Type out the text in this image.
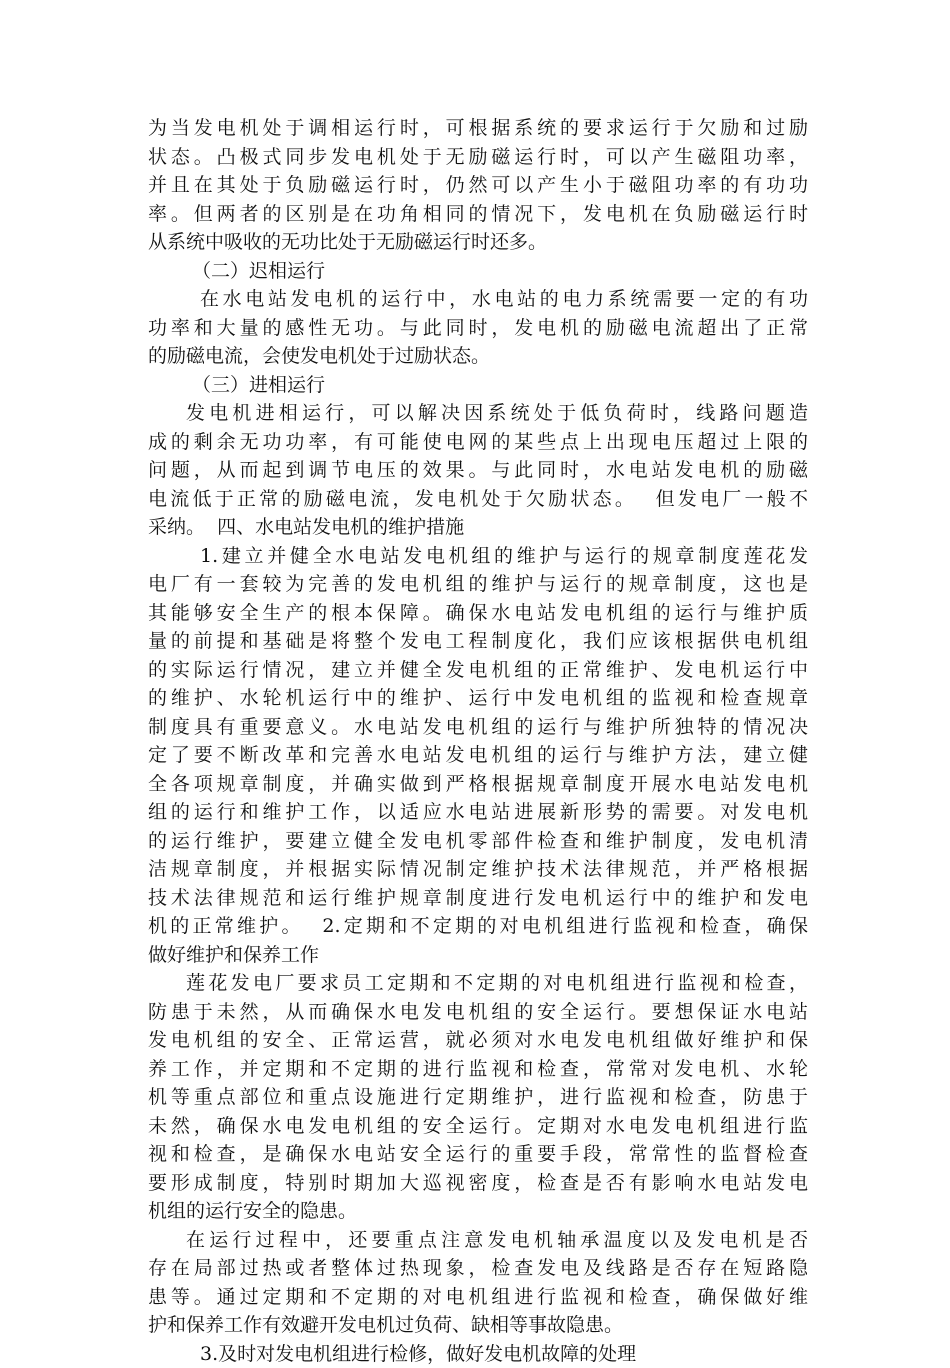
为当发电机处于调相运行时，可根据系统的要求运行于欠励和过励
状态。凸极式同步发电机处于无励磁运行时，可以产生磁阻功率，
并且在其处于负励磁运行时，仍然可以产生小于磁阻功率的有功功
率。但两者的区别是在功角相同的情况下，发电机在负励磁运行时
从系统中吸收的无功比处于无励磁运行时还多。
（二）迟相运行
在水电站发电机的运行中，水电站的电力系统需要一定的有功
功率和大量的感性无功。与此同时，发电机的励磁电流超出了正常
的励磁电流，会使发电机处于过励状态。
（三）进相运行
发电机进相运行，可以解决因系统处于低负荷时，线路问题造
成的剩余无功功率，有可能使电网的某些点上出现电压超过上限的
问题，从而起到调节电压的效果。与此同时，水电站发电机的励磁
电流低于正常的励磁电流，发电机处于欠励状态。  但发电厂一般不
采纳。  四、水电站发电机的维护措施
1.建立并健全水电站发电机组的维护与运行的规章制度莲花发
电厂有一套较为完善的发电机组的维护与运行的规章制度，这也是
其能够安全生产的根本保障。确保水电站发电机组的运行与维护质
量的前提和基础是将整个发电工程制度化，我们应该根据供电机组
的实际运行情况，建立并健全发电机组的正常维护、发电机运行中
的维护、水轮机运行中的维护、运行中发电机组的监视和检查规章
制度具有重要意义。水电站发电机组的运行与维护所独特的情况决
定了要不断改革和完善水电站发电机组的运行与维护方法，建立健
全各项规章制度，并确实做到严格根据规章制度开展水电站发电机
组的运行和维护工作，以适应水电站进展新形势的需要。对发电机
的运行维护，要建立健全发电机零部件检查和维护制度，发电机清
洁规章制度，并根据实际情况制定维护技术法律规范，并严格根据
技术法律规范和运行维护规章制度进行发电机运行中的维护和发电
机的正常维护。  2.定期和不定期的对电机组进行监视和检查，确保
做好维护和保养工作
莲花发电厂要求员工定期和不定期的对电机组进行监视和检查，
防患于未然，从而确保水电发电机组的安全运行。要想保证水电站
发电机组的安全、正常运营，就必须对水电发电机组做好维护和保
养工作，并定期和不定期的进行监视和检查，常常对发电机、水轮
机等重点部位和重点设施进行定期维护，进行监视和检查，防患于
未然，确保水电发电机组的安全运行。定期对水电发电机组进行监
视和检查，是确保水电站安全运行的重要手段，常常性的监督检查
要形成制度，特别时期加大巡视密度，检查是否有影响水电站发电
机组的运行安全的隐患。
在运行过程中，还要重点注意发电机轴承温度以及发电机是否
存在局部过热或者整体过热现象，检查发电及线路是否存在短路隐
患等。通过定期和不定期的对电机组进行监视和检查，确保做好维
护和保养工作有效避开发电机过负荷、缺相等事故隐患。
3.及时对发电机组进行检修，做好发电机故障的处理
